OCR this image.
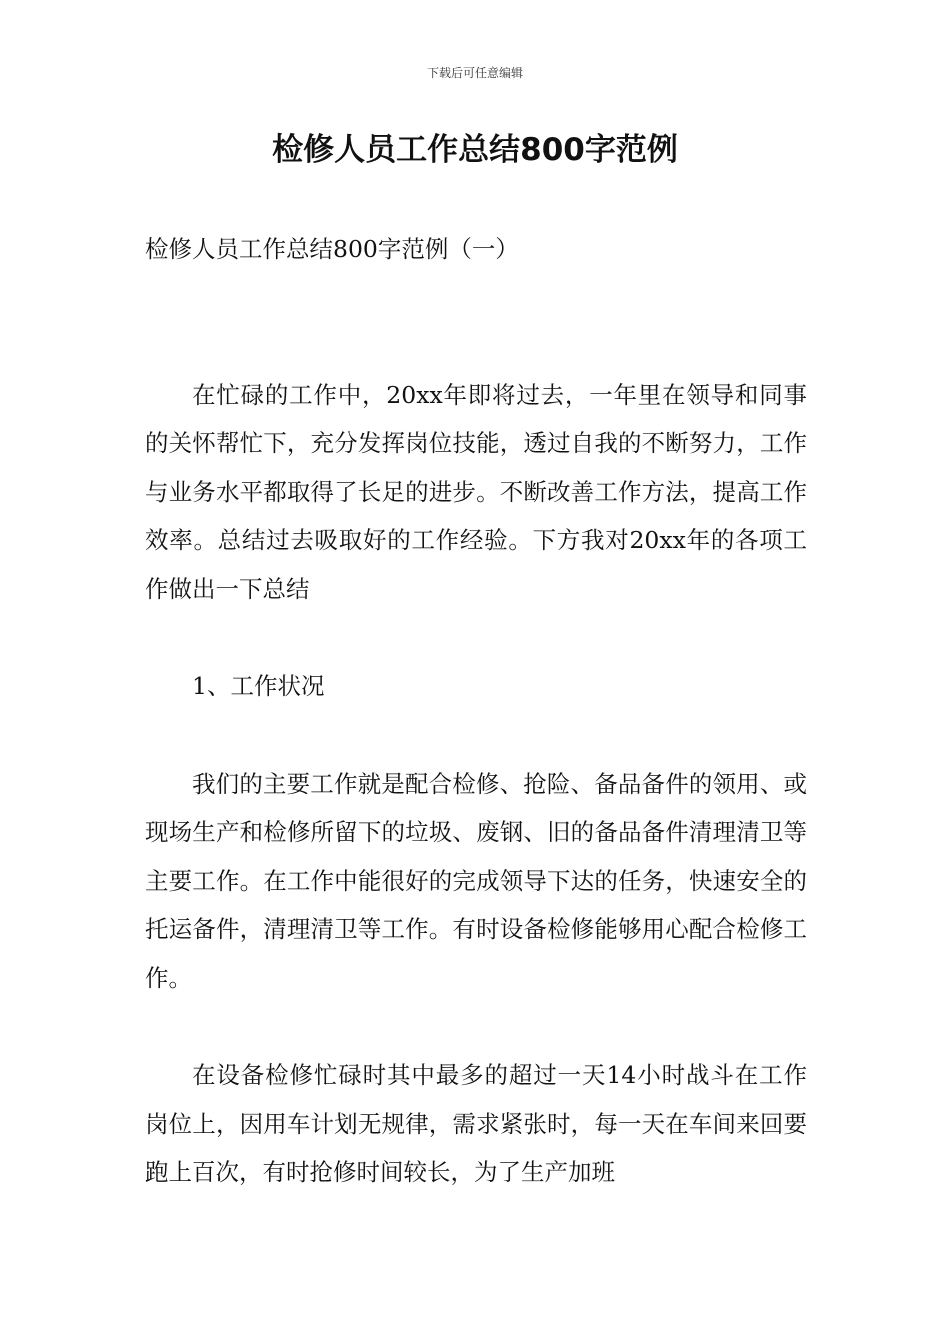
下载后可任意编辑
检修人员工作总结800字范例

检修人员工作总结800字范例（一）

在忙碌的工作中，20xx年即将过去，一年里在领导和同事的关怀帮忙下，充分发挥岗位技能，透过自我的不断努力，工作与业务水平都取得了长足的进步。不断改善工作方法，提高工作效率。总结过去吸取好的工作经验。下方我对20xx年的各项工作做出一下总结

1、工作状况

我们的主要工作就是配合检修、抢险、备品备件的领用、或现场生产和检修所留下的垃圾、废钢、旧的备品备件清理清卫等主要工作。在工作中能很好的完成领导下达的任务，快速安全的托运备件，清理清卫等工作。有时设备检修能够用心配合检修工作。

在设备检修忙碌时其中最多的超过一天14小时战斗在工作岗位上，因用车计划无规律，需求紧张时，每一天在车间来回要跑上百次，有时抢修时间较长，为了生产加班
